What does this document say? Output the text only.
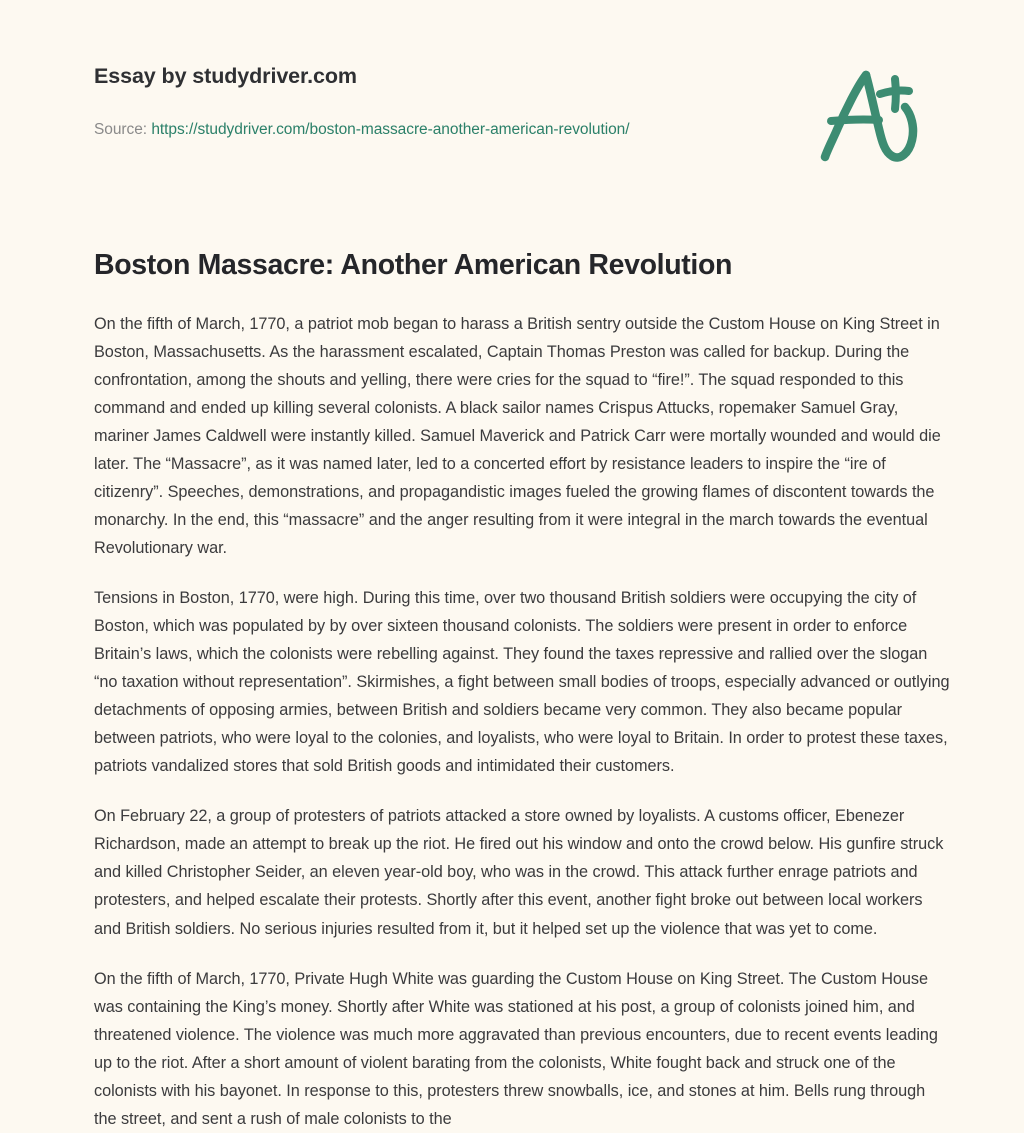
Essay by studydriver.com
Source: https://studydriver.com/boston-massacre-another-american-revolution/
Boston Massacre: Another American Revolution

On the fifth of March, 1770, a patriot mob began to harass a British sentry outside the Custom House on King Street in Boston, Massachusetts. As the harassment escalated, Captain Thomas Preston was called for backup. During the confrontation, among the shouts and yelling, there were cries for the squad to “fire!”. The squad responded to this command and ended up killing several colonists. A black sailor names Crispus Attucks, ropemaker Samuel Gray, mariner James Caldwell were instantly killed. Samuel Maverick and Patrick Carr were mortally wounded and would die later. The “Massacre”, as it was named later, led to a concerted effort by resistance leaders to inspire the “ire of citizenry”. Speeches, demonstrations, and propagandistic images fueled the growing flames of discontent towards the monarchy. In the end, this “massacre” and the anger resulting from it were integral in the march towards the eventual Revolutionary war.

Tensions in Boston, 1770, were high. During this time, over two thousand British soldiers were occupying the city of Boston, which was populated by by over sixteen thousand colonists. The soldiers were present in order to enforce Britain’s laws, which the colonists were rebelling against. They found the taxes repressive and rallied over the slogan “no taxation without representation”. Skirmishes, a fight between small bodies of troops, especially advanced or outlying detachments of opposing armies, between British and soldiers became very common. They also became popular between patriots, who were loyal to the colonies, and loyalists, who were loyal to Britain. In order to protest these taxes, patriots vandalized stores that sold British goods and intimidated their customers.

On February 22, a group of protesters of patriots attacked a store owned by loyalists. A customs officer, Ebenezer Richardson, made an attempt to break up the riot. He fired out his window and onto the crowd below. His gunfire struck and killed Christopher Seider, an eleven year-old boy, who was in the crowd. This attack further enrage patriots and protesters, and helped escalate their protests. Shortly after this event, another fight broke out between local workers and British soldiers. No serious injuries resulted from it, but it helped set up the violence that was yet to come.

On the fifth of March, 1770, Private Hugh White was guarding the Custom House on King Street. The Custom House was containing the King’s money. Shortly after White was stationed at his post, a group of colonists joined him, and threatened violence. The violence was much more aggravated than previous encounters, due to recent events leading up to the riot. After a short amount of violent barating from the colonists, White fought back and struck one of the colonists with his bayonet. In response to this, protesters threw snowballs, ice, and stones at him. Bells rung through the street, and sent a rush of male colonists to the
